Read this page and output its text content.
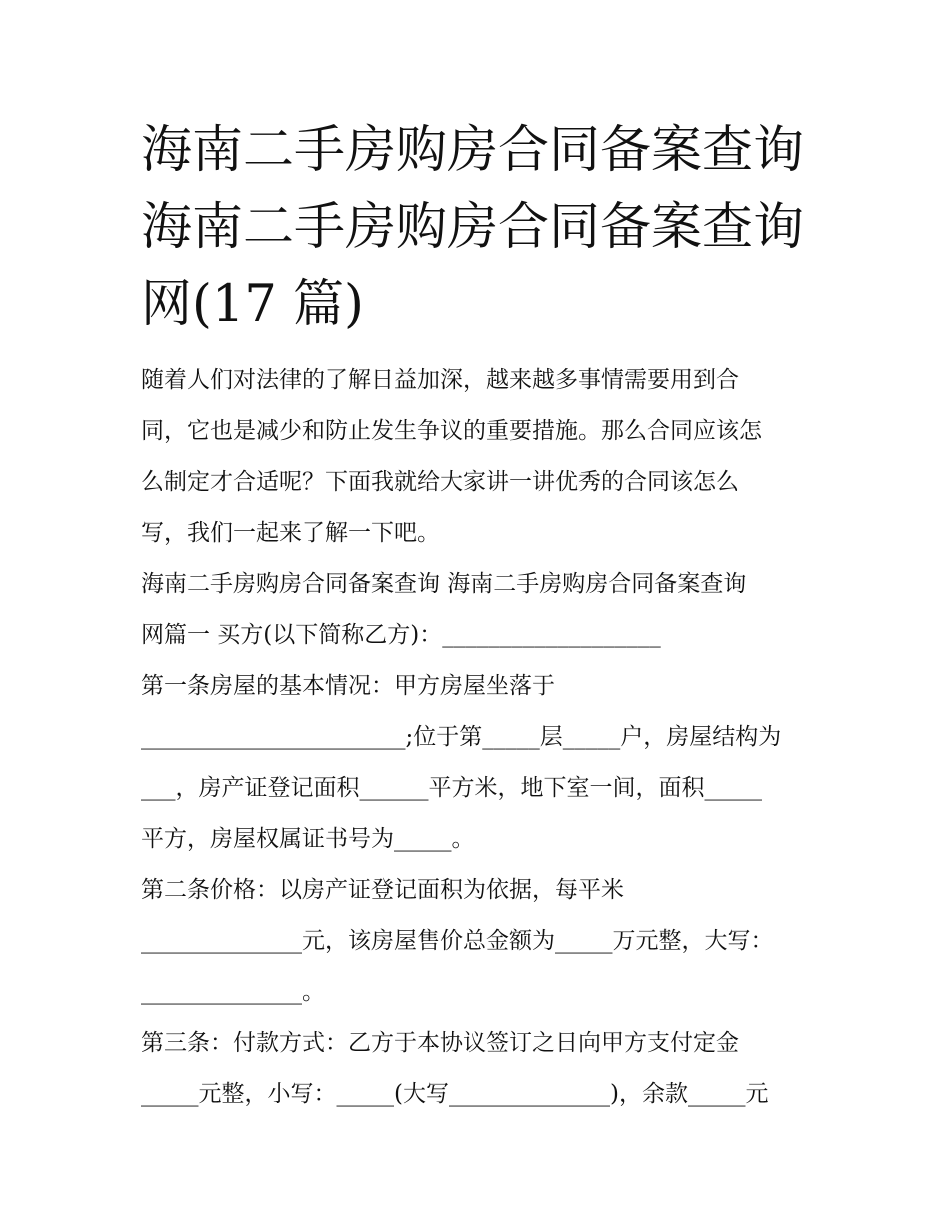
海南二手房购房合同备案查询
海南二手房购房合同备案查询
网(17 篇)
随着人们对法律的了解日益加深，越来越多事情需要用到合
同，它也是减少和防止发生争议的重要措施。那么合同应该怎
么制定才合适呢？下面我就给大家讲一讲优秀的合同该怎么
写，我们一起来了解一下吧。
海南二手房购房合同备案查询 海南二手房购房合同备案查询
网篇一 买方(以下简称乙方)：___________________
第一条房屋的基本情况：甲方房屋坐落于
_______________________;位于第_____层_____户，房屋结构为
___，房产证登记面积______平方米，地下室一间，面积_____
平方，房屋权属证书号为_____。
第二条价格：以房产证登记面积为依据，每平米
______________元，该房屋售价总金额为_____万元整，大写：
______________。
第三条：付款方式：乙方于本协议签订之日向甲方支付定金
_____元整，小写：_____(大写______________)，余款_____元
